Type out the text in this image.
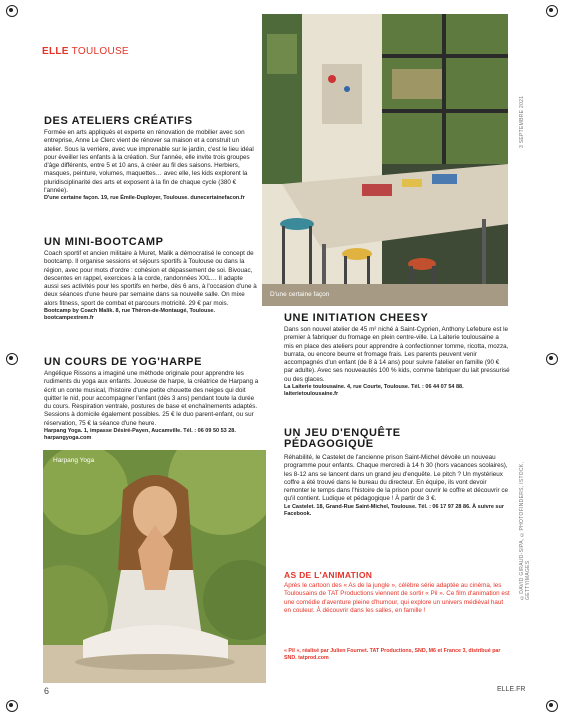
ELLE TOULOUSE
3 SEPTEMBRE 2021
©DAVID GIRAUD-SIPA, ©PHOTOFINDERS, ISTOCK, GETTYIMAGES
D'une certaine façon
Harpang Yoga
DES ATELIERS CRÉATIFS
Formée en arts appliqués et experte en rénovation de mobilier avec son entreprise, Anne Le Clerc vient de rénover sa maison et a construit un atelier. Sous la verrière, avec vue imprenable sur le jardin, c'est le lieu idéal pour éveiller les enfants à la création. Sur l'année, elle invite trois groupes d'âge différents, entre 5 et 10 ans, à créer au fil des saisons. Herbiers, masques, peinture, volumes, maquettes… avec elle, les kids explorent la pluridisciplinarité des arts et exposent à la fin de chaque cycle (380 € l'année).
D'une certaine façon. 19, rue Émile-Duployer, Toulouse. dunecertainefacon.fr
UN MINI-BOOTCAMP
Coach sportif et ancien militaire à Muret, Malik a démocratisé le concept de bootcamp. Il organise sessions et séjours sportifs à Toulouse ou dans la région, avec pour mots d'ordre : cohésion et dépassement de soi. Bivouac, descentes en rappel, exercices à la corde, randonnées XXL… Il adapte aussi ses activités pour les sportifs en herbe, dès 6 ans, à l'occasion d'une à deux séances d'une heure par semaine dans sa nouvelle salle. On mixe alors fitness, sport de combat et parcours motricité. 29 € par mois.
Bootcamp by Coach Malik. 8, rue Théron-de-Montaugé, Toulouse. bootcampextrem.fr
UN COURS DE YOG'HARPE
Angélique Rissons a imaginé une méthode originale pour apprendre les rudiments du yoga aux enfants. Joueuse de harpe, la créatrice de Harpang a écrit un conte musical, l'histoire d'une petite chouette des neiges qui doit quitter le nid, pour accompagner l'enfant (dès 3 ans) pendant toute la durée du cours. Respiration ventrale, postures de base et enchaînements adaptés. Sessions à domicile également possibles. 25 € le duo parent-enfant, ou sur réservation, 75 € la séance d'une heure.
Harpang Yoga. 1, impasse Désiré-Payen, Aucamville. Tél. : 06 09 50 53 28. harpangyoga.com
UNE INITIATION CHEESY
Dans son nouvel atelier de 45 m² niché à Saint-Cyprien, Anthony Lefebure est le premier à fabriquer du fromage en plein centre-ville. La Laiterie toulousaine a mis en place des ateliers pour apprendre à confectionner tomme, ricotta, mozza, burrata, ou encore beurre et fromage frais. Les parents peuvent venir accompagnés d'un enfant (de 8 à 14 ans) pour suivre l'atelier en famille (90 € par adulte). Avec ses nouveautés 100 % kids, comme fabriquer du lait pressurisé ou des glaces.
La Laiterie toulousaine. 4, rue Courte, Toulouse. Tél. : 06 44 07 54 88. laiterietoulousaine.fr
UN JEU D'ENQUÊTE PÉDAGOGIQUE
Réhabilité, le Castelet de l'ancienne prison Saint-Michel dévoile un nouveau programme pour enfants. Chaque mercredi à 14 h 30 (hors vacances scolaires), les 8-12 ans se lancent dans un grand jeu d'enquête. Le pitch ? Un mystérieux coffre a été trouvé dans le bureau du directeur. En équipe, ils vont devoir remonter le temps dans l'histoire de la prison pour ouvrir le coffre et découvrir ce qu'il contient. Ludique et pédagogique ! À partir de 3 €.
Le Castelet. 18, Grand-Rue Saint-Michel, Toulouse. Tél. : 06 17 97 28 86. À suivre sur Facebook.
AS DE L'ANIMATION
Après le cartoon des « As de la jungle », célèbre série adaptée au cinéma, les Toulousains de TAT Productions viennent de sortir « Pil ». Ce film d'animation est une comédie d'aventure pleine d'humour, qui explore un univers médiéval haut en couleur. À découvrir dans les salles, en famille !
« Pil », réalisé par Julien Fournet. TAT Productions, SND, M6 et France 3, distribué par SND. tatprod.com
6	ELLE.FR
